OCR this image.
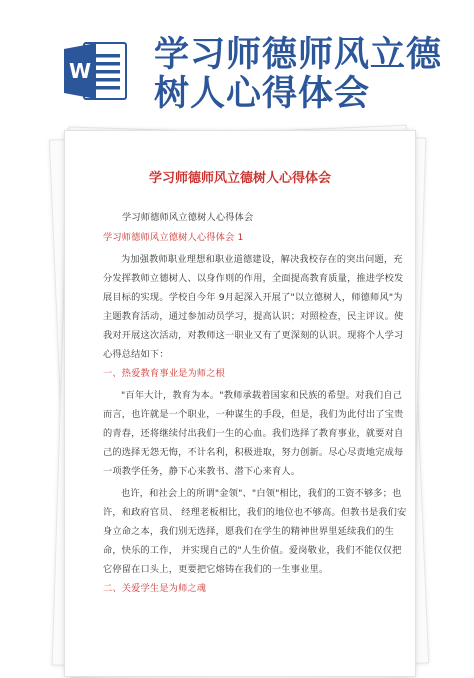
W 学习师德师风立德
树人心得体会
学习师德师风立德树人心得体会
学习师德师风立德树人心得体会
学习师德师风立德树人心得体会 1
为加强教师职业理想和职业道德建设，解决我校存在的突出问题，充
分发挥教师立德树人、以身作则的作用，全面提高教育质量，推进学校发
展目标的实现。学校自今年 9月起深入开展了"以立德树人，师德师风"为
主题教育活动，通过参加动员学习，提高认识；对照检查，民主评议。使
我对开展这次活动，对教师这一职业又有了更深刻的认识。现将个人学习
心得总结如下：
一、热爱教育事业是为师之根
"百年大计，教育为本。"教师承载着国家和民族的希望。对我们自己
而言，也许就是一个职业，一种谋生的手段，但是，我们为此付出了宝贵
的青春，还将继续付出我们一生的心血。我们选择了教育事业，就要对自
己的选择无怨无悔，不计名利，积极进取，努力创新。尽心尽责地完成每
一项教学任务，静下心来教书、潜下心来育人。
也许，和社会上的所谓"金领"、"白领"相比，我们的工资不够多；也
许，和政府官员、 经理老板相比，我们的地位也不够高。但教书是我们安
身立命之本，我们别无选择，愿我们在学生的精神世界里延续我们的生
命，快乐的工作， 并实现自己的"人生价值。爱岗敬业，我们不能仅仅把
它停留在口头上，更要把它熔铸在我们的一生事业里。
二、关爱学生是为师之魂
